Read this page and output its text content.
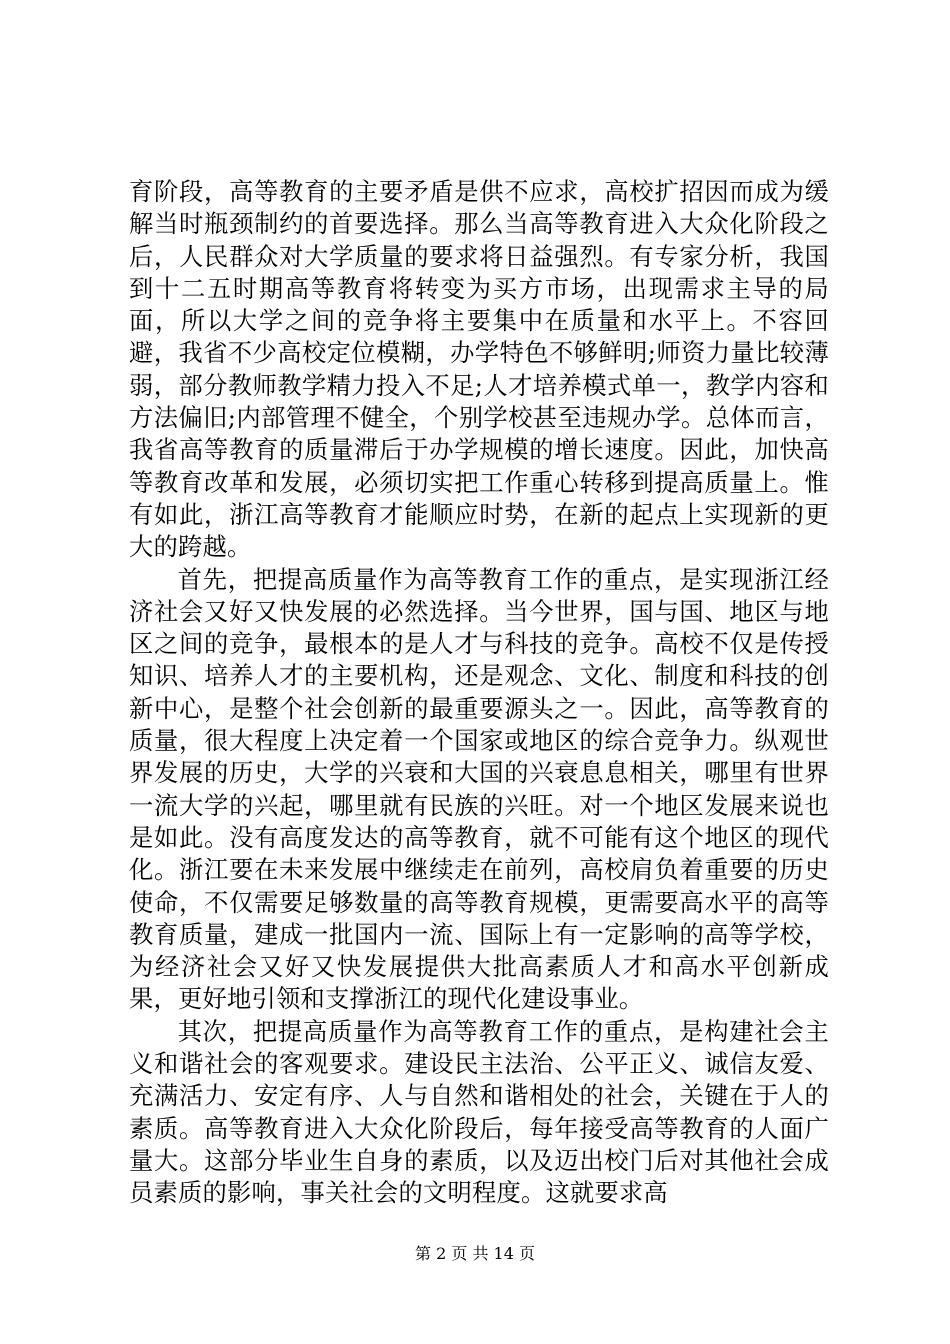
育阶段，高等教育的主要矛盾是供不应求，高校扩招因而成为缓解当时瓶颈制约的首要选择。那么当高等教育进入大众化阶段之后，人民群众对大学质量的要求将日益强烈。有专家分析，我国到十二五时期高等教育将转变为买方市场，出现需求主导的局面，所以大学之间的竞争将主要集中在质量和水平上。不容回避，我省不少高校定位模糊，办学特色不够鲜明;师资力量比较薄弱，部分教师教学精力投入不足;人才培养模式单一，教学内容和方法偏旧;内部管理不健全，个别学校甚至违规办学。总体而言，我省高等教育的质量滞后于办学规模的增长速度。因此，加快高等教育改革和发展，必须切实把工作重心转移到提高质量上。惟有如此，浙江高等教育才能顺应时势，在新的起点上实现新的更大的跨越。

首先，把提高质量作为高等教育工作的重点，是实现浙江经济社会又好又快发展的必然选择。当今世界，国与国、地区与地区之间的竞争，最根本的是人才与科技的竞争。高校不仅是传授知识、培养人才的主要机构，还是观念、文化、制度和科技的创新中心，是整个社会创新的最重要源头之一。因此，高等教育的质量，很大程度上决定着一个国家或地区的综合竞争力。纵观世界发展的历史，大学的兴衰和大国的兴衰息息相关，哪里有世界一流大学的兴起，哪里就有民族的兴旺。对一个地区发展来说也是如此。没有高度发达的高等教育，就不可能有这个地区的现代化。浙江要在未来发展中继续走在前列，高校肩负着重要的历史使命，不仅需要足够数量的高等教育规模，更需要高水平的高等教育质量，建成一批国内一流、国际上有一定影响的高等学校，为经济社会又好又快发展提供大批高素质人才和高水平创新成果，更好地引领和支撑浙江的现代化建设事业。

其次，把提高质量作为高等教育工作的重点，是构建社会主义和谐社会的客观要求。建设民主法治、公平正义、诚信友爱、充满活力、安定有序、人与自然和谐相处的社会，关键在于人的素质。高等教育进入大众化阶段后，每年接受高等教育的人面广量大。这部分毕业生自身的素质，以及迈出校门后对其他社会成员素质的影响，事关社会的文明程度。这就要求高

第 2 页 共 14 页
